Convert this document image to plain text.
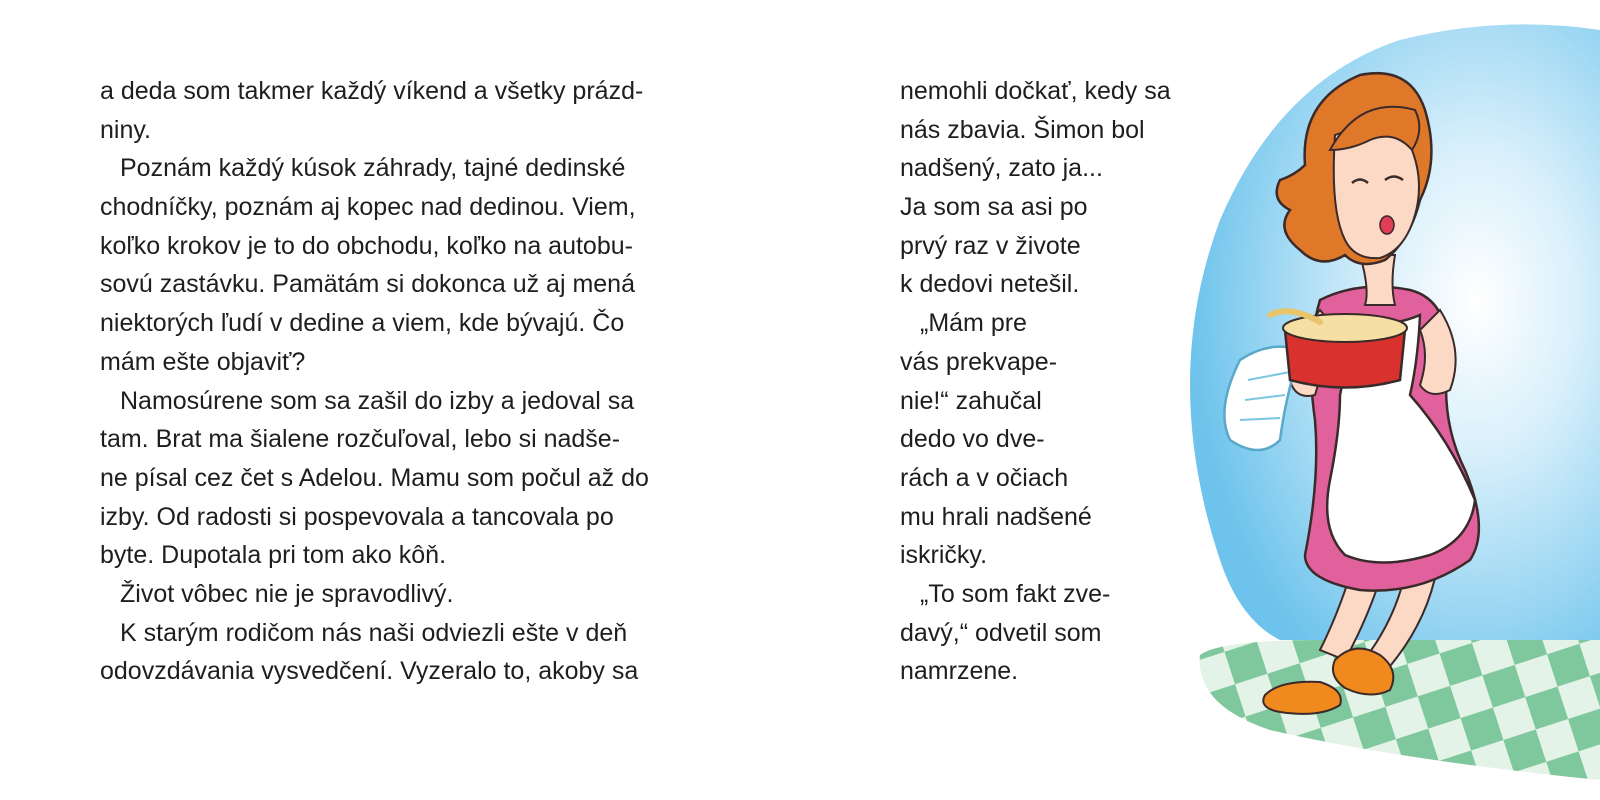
a deda som takmer každý víkend a všetky prázd-
niny.
Poznám každý kúsok záhrady, tajné dedinské
chodníčky, poznám aj kopec nad dedinou. Viem,
koľko krokov je to do obchodu, koľko na autobu-
sovú zastávku. Pamätám si dokonca už aj mená
niektorých ľudí v dedine a viem, kde bývajú. Čo
mám ešte objaviť?
Namosúrene som sa zašil do izby a jedoval sa
tam. Brat ma šialene rozčuľoval, lebo si nadše-
ne písal cez čet s Adelou. Mamu som počul až do
izby. Od radosti si pospevovala a tancovala po
byte. Dupotala pri tom ako kôň.
Život vôbec nie je spravodlivý.
K starým rodičom nás naši odviezli ešte v deň
odovzdávania vysvedčení. Vyzeralo to, akoby sa
nemohli dočkať, kedy sa
nás zbavia. Šimon bol
nadšený, zato ja...
Ja som sa asi po
prvý raz v živote
k dedovi netešil.
„Mám pre
vás prekvape-
nie!“ zahučal
dedo vo dve-
rách a v očiach
mu hrali nadšené
iskričky.
„To som fakt zve-
davý,“ odvetil som
namrzene.
